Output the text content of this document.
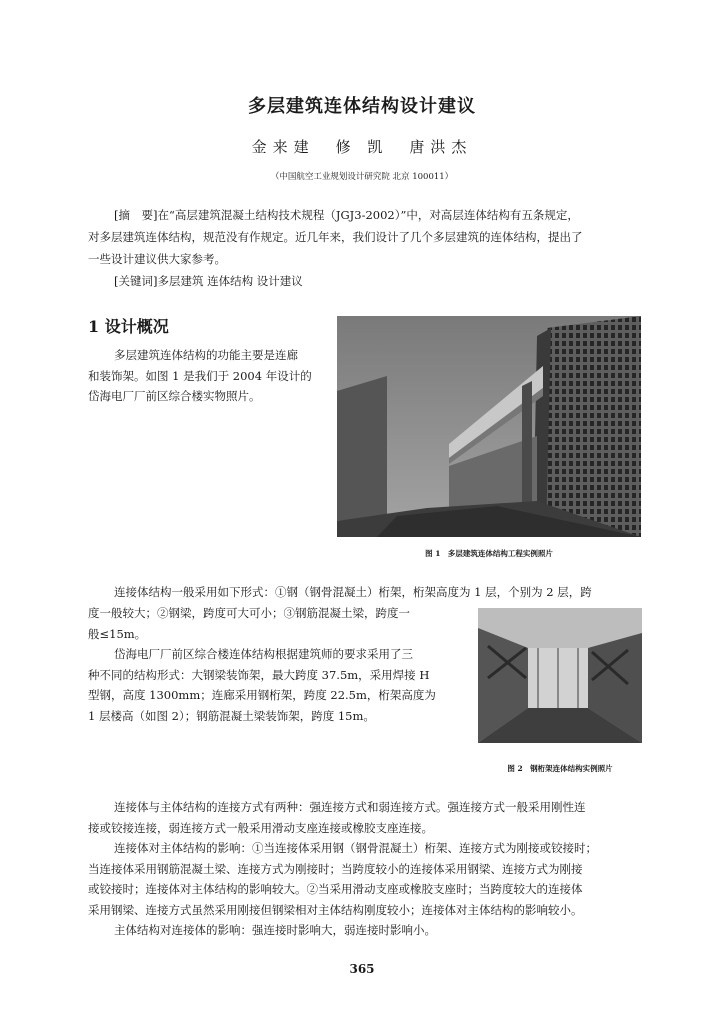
多层建筑连体结构设计建议
金来建　修 凯　唐洪杰
（中国航空工业规划设计研究院 北京 100011）

[摘　要]在“高层建筑混凝土结构技术规程（JGJ3-2002）”中，对高层连体结构有五条规定，

对多层建筑连体结构，规范没有作规定。近几年来，我们设计了几个多层建筑的连体结构，提出了

一些设计建议供大家参考。

[关键词]多层建筑 连体结构 设计建议

1 设计概况

多层建筑连体结构的功能主要是连廊

和装饰架。如图 1 是我们于 2004 年设计的

岱海电厂厂前区综合楼实物照片。

图 1　多层建筑连体结构工程实例照片

连接体结构一般采用如下形式：①钢（钢骨混凝土）桁架，桁架高度为 1 层，个别为 2 层，跨

度一般较大；②钢梁，跨度可大可小；③钢筋混凝土梁，跨度一

般≤15m。

岱海电厂厂前区综合楼连体结构根据建筑师的要求采用了三

种不同的结构形式：大钢梁装饰架，最大跨度 37.5m，采用焊接 H

型钢，高度 1300mm；连廊采用钢桁架，跨度 22.5m，桁架高度为

1 层楼高（如图 2）；钢筋混凝土梁装饰架，跨度 15m。

图 2　钢桁架连体结构实例照片

连接体与主体结构的连接方式有两种：强连接方式和弱连接方式。强连接方式一般采用刚性连

接或铰接连接，弱连接方式一般采用滑动支座连接或橡胶支座连接。

连接体对主体结构的影响：①当连接体采用钢（钢骨混凝土）桁架、连接方式为刚接或铰接时；

当连接体采用钢筋混凝土梁、连接方式为刚接时；当跨度较小的连接体采用钢梁、连接方式为刚接

或铰接时；连接体对主体结构的影响较大。②当采用滑动支座或橡胶支座时；当跨度较大的连接体

采用钢梁、连接方式虽然采用刚接但钢梁相对主体结构刚度较小；连接体对主体结构的影响较小。

主体结构对连接体的影响：强连接时影响大，弱连接时影响小。

365
